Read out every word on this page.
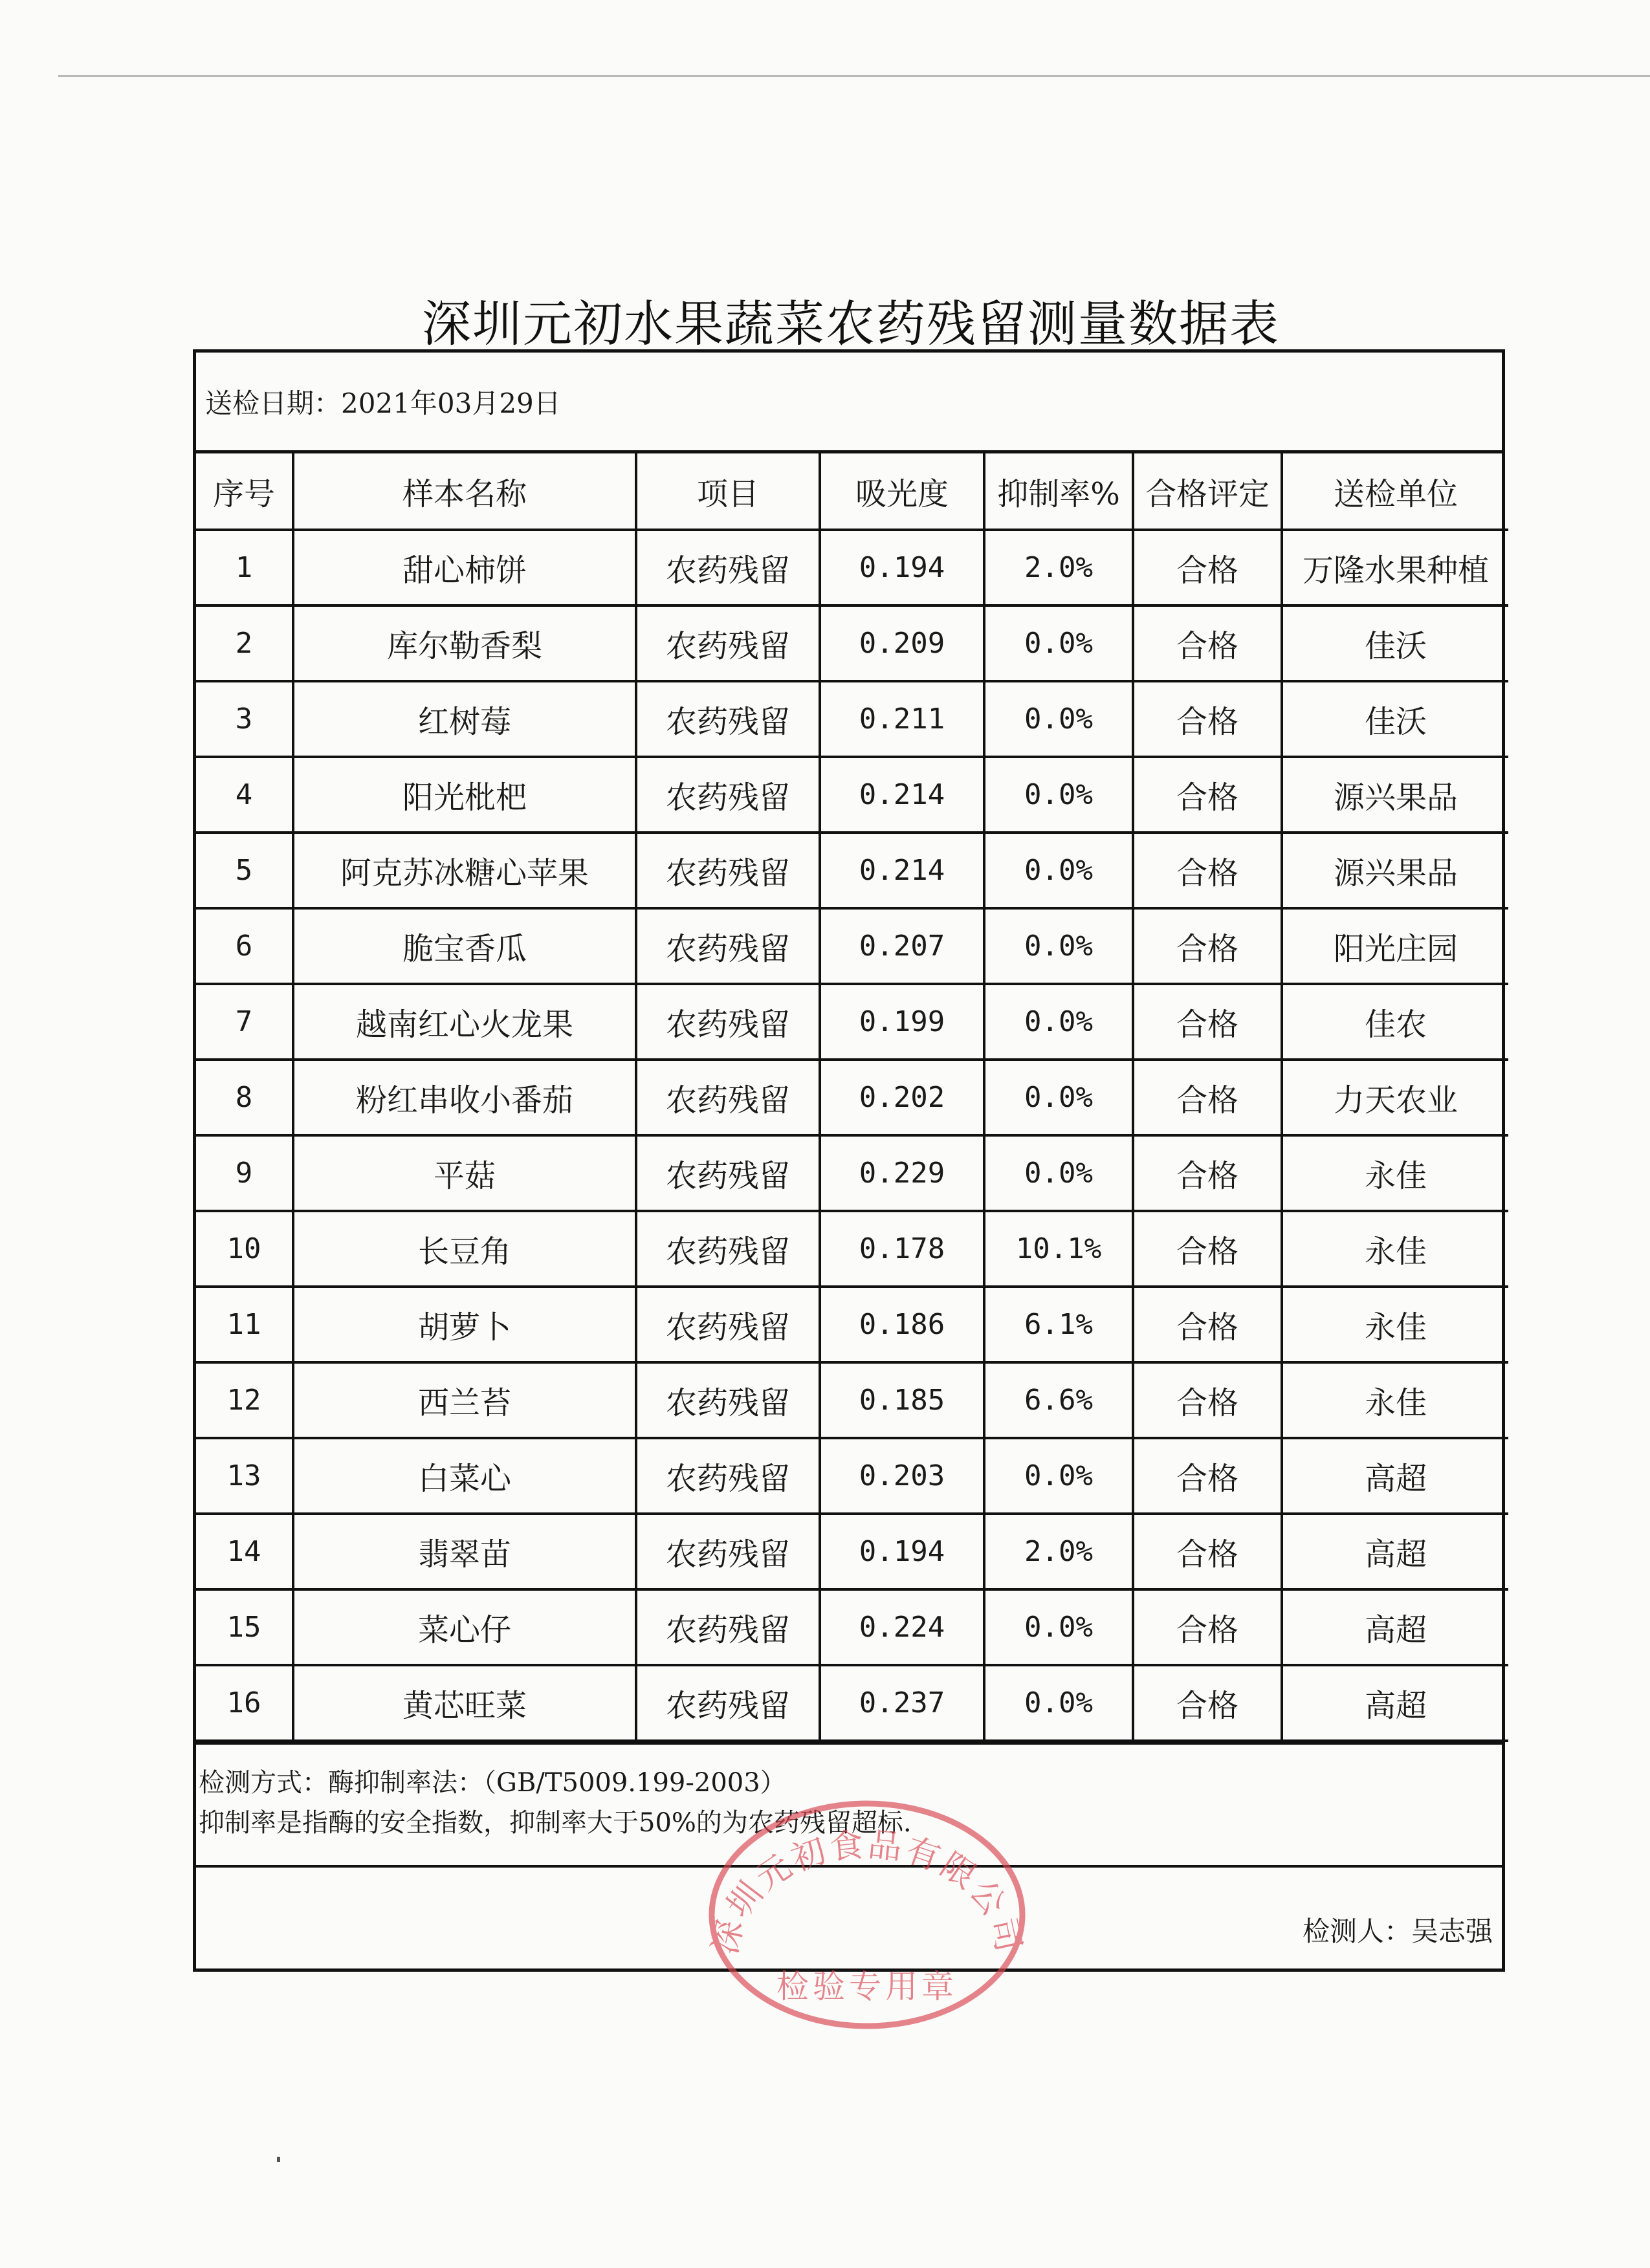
深圳元初水果蔬菜农药残留测量数据表
送检日期：2021年03月29日
序号	样本名称	项目	吸光度	抑制率%	合格评定	送检单位
1	甜心柿饼	农药残留	0.194	2.0%	合格	万隆水果种植
2	库尔勒香梨	农药残留	0.209	0.0%	合格	佳沃
3	红树莓	农药残留	0.211	0.0%	合格	佳沃
4	阳光枇杷	农药残留	0.214	0.0%	合格	源兴果品
5	阿克苏冰糖心苹果	农药残留	0.214	0.0%	合格	源兴果品
6	脆宝香瓜	农药残留	0.207	0.0%	合格	阳光庄园
7	越南红心火龙果	农药残留	0.199	0.0%	合格	佳农
8	粉红串收小番茄	农药残留	0.202	0.0%	合格	力天农业
9	平菇	农药残留	0.229	0.0%	合格	永佳
10	长豆角	农药残留	0.178	10.1%	合格	永佳
11	胡萝卜	农药残留	0.186	6.1%	合格	永佳
12	西兰苔	农药残留	0.185	6.6%	合格	永佳
13	白菜心	农药残留	0.203	0.0%	合格	高超
14	翡翠苗	农药残留	0.194	2.0%	合格	高超
15	菜心仔	农药残留	0.224	0.0%	合格	高超
16	黄芯旺菜	农药残留	0.237	0.0%	合格	高超
检测方式：酶抑制率法：（GB/T5009.199-2003）
抑制率是指酶的安全指数，抑制率大于50%的为农药残留超标.
检测人：吴志强
深圳元初食品有限公司
检验专用章
